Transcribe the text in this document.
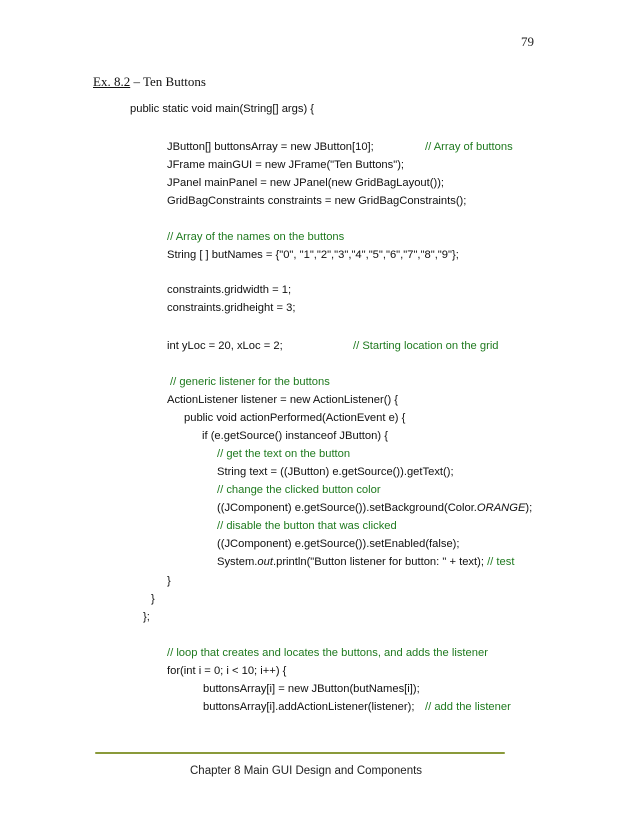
79
Ex. 8.2 – Ten Buttons
public static void main(String[] args) {
JButton[] buttonsArray = new JButton[10];	// Array of buttons
JFrame mainGUI = new JFrame("Ten Buttons");
JPanel mainPanel = new JPanel(new GridBagLayout());
GridBagConstraints constraints = new GridBagConstraints();
// Array of the names on the buttons
String [ ] butNames = {"0", "1","2","3","4","5","6","7","8","9"};
constraints.gridwidth = 1;
constraints.gridheight = 3;
int yLoc = 20, xLoc = 2;	// Starting location on the grid
// generic listener for the buttons
ActionListener listener = new ActionListener() {
public void actionPerformed(ActionEvent e) {
if (e.getSource() instanceof JButton) {
// get the text on the button
String text = ((JButton) e.getSource()).getText();
// change the clicked button color
((JComponent) e.getSource()).setBackground(Color.ORANGE);
// disable the button that was clicked
((JComponent) e.getSource()).setEnabled(false);
System.out.println("Button listener for button: " + text); // test
}
}
};
// loop that creates and locates the buttons, and adds the listener
for(int i = 0; i < 10; i++) {
buttonsArray[i] = new JButton(butNames[i]);
buttonsArray[i].addActionListener(listener); // add the listener
Chapter 8 Main GUI Design and Components
